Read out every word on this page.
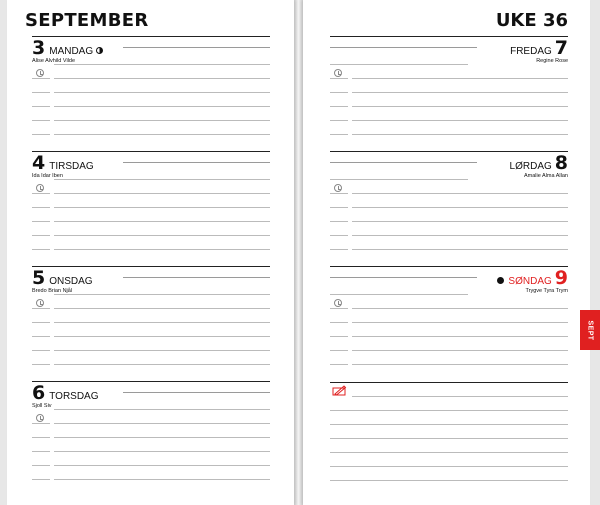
SEPTEMBER	UKE 36
3 MANDAG
Alise Alvhild Vilde
4 TIRSDAG
Ida Idar Iben
5 ONSDAG
Bredo Brian Njål
6 TORSDAG
Sjoll Siv
FREDAG 7
Regine Rose
LØRDAG 8
Amalie Alma Allan
SØNDAG 9
Trygve Tyra Trym
SEPT
